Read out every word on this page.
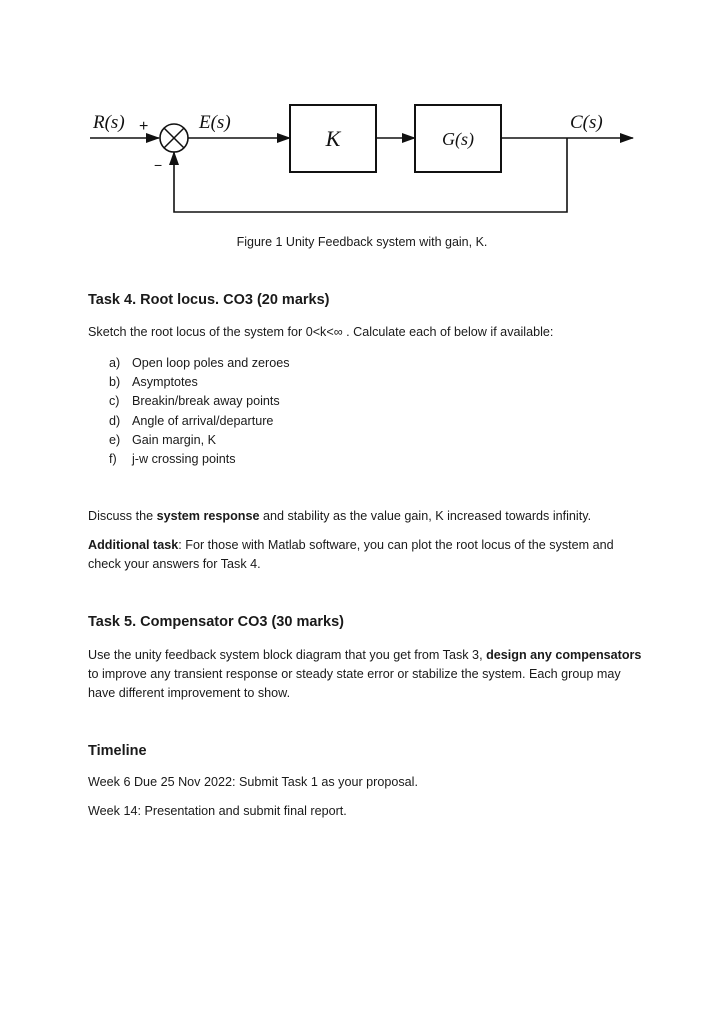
R(s) +	E(s)
−
K	G(s)
C(s)
Figure 1 Unity Feedback system with gain, K.
Task 4. Root locus. CO3 (20 marks)

Sketch the root locus of the system for 0<k<∞ . Calculate each of below if available:

a) Open loop poles and zeroes
b) Asymptotes
c) Breakin/break away points
d) Angle of arrival/departure
e) Gain margin, K
f) j-w crossing points

Discuss the system response and stability as the value gain, K increased towards infinity.

Additional task: For those with Matlab software, you can plot the root locus of the system and check your answers for Task 4.

Task 5. Compensator CO3 (30 marks)

Use the unity feedback system block diagram that you get from Task 3, design any compensators to improve any transient response or steady state error or stabilize the system. Each group may have different improvement to show.

Timeline

Week 6 Due 25 Nov 2022: Submit Task 1 as your proposal.

Week 14: Presentation and submit final report.
